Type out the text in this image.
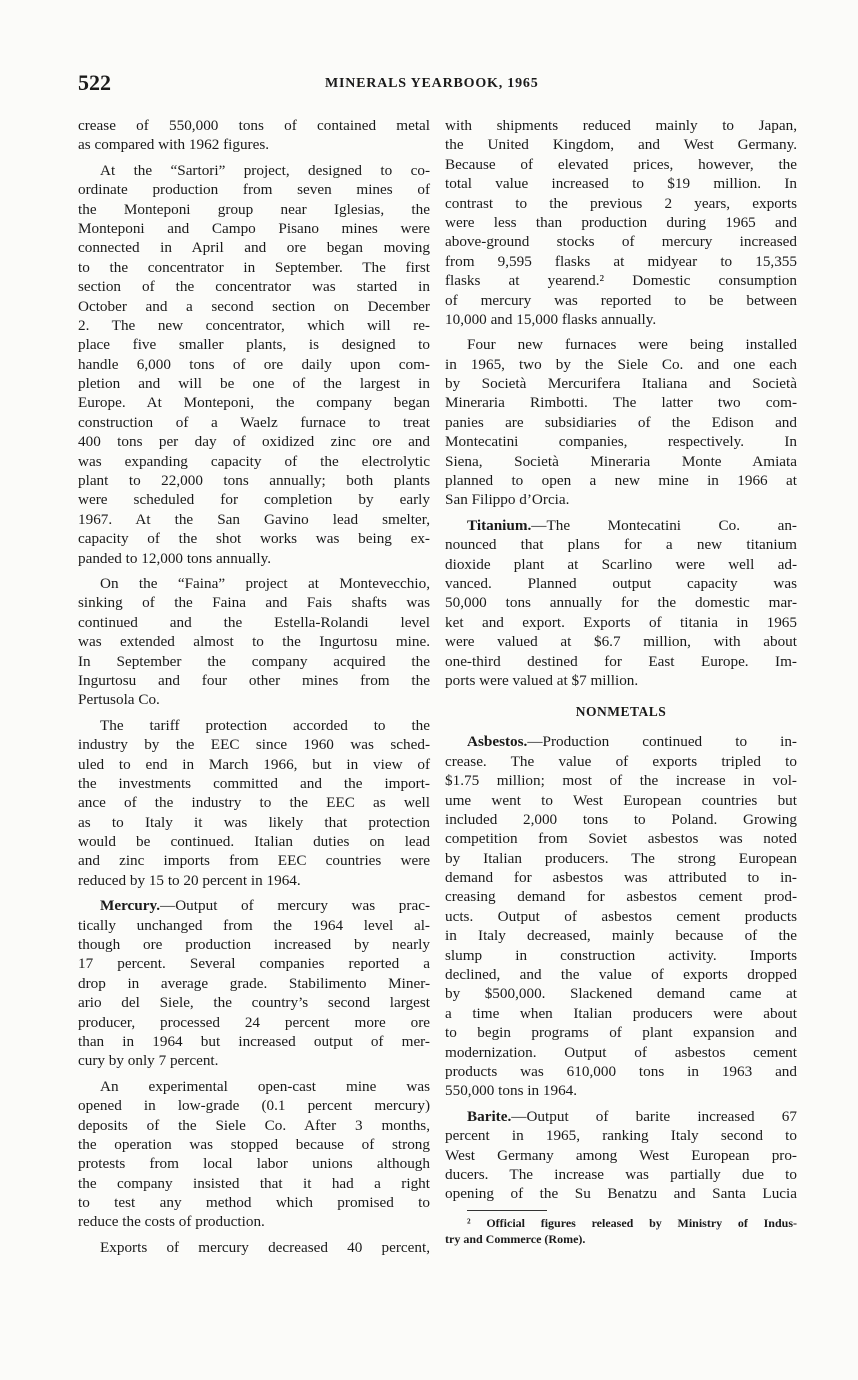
522	MINERALS YEARBOOK, 1965
crease of 550,000 tons of contained metal
as compared with 1962 figures.
At the “Sartori” project, designed to co-
ordinate production from seven mines of
the Monteponi group near Iglesias, the
Monteponi and Campo Pisano mines were
connected in April and ore began moving
to the concentrator in September. The first
section of the concentrator was started in
October and a second section on December
2. The new concentrator, which will re-
place five smaller plants, is designed to
handle 6,000 tons of ore daily upon com-
pletion and will be one of the largest in
Europe. At Monteponi, the company began
construction of a Waelz furnace to treat
400 tons per day of oxidized zinc ore and
was expanding capacity of the electrolytic
plant to 22,000 tons annually; both plants
were scheduled for completion by early
1967. At the San Gavino lead smelter,
capacity of the shot works was being ex-
panded to 12,000 tons annually.
On the “Faina” project at Montevecchio,
sinking of the Faina and Fais shafts was
continued and the Estella-Rolandi level
was extended almost to the Ingurtosu mine.
In September the company acquired the
Ingurtosu and four other mines from the
Pertusola Co.
The tariff protection accorded to the
industry by the EEC since 1960 was sched-
uled to end in March 1966, but in view of
the investments committed and the import-
ance of the industry to the EEC as well
as to Italy it was likely that protection
would be continued. Italian duties on lead
and zinc imports from EEC countries were
reduced by 15 to 20 percent in 1964.
Mercury.—Output of mercury was prac-
tically unchanged from the 1964 level al-
though ore production increased by nearly
17 percent. Several companies reported a
drop in average grade. Stabilimento Miner-
ario del Siele, the country’s second largest
producer, processed 24 percent more ore
than in 1964 but increased output of mer-
cury by only 7 percent.
An experimental open-cast mine was
opened in low-grade (0.1 percent mercury)
deposits of the Siele Co. After 3 months,
the operation was stopped because of strong
protests from local labor unions although
the company insisted that it had a right
to test any method which promised to
reduce the costs of production.
Exports of mercury decreased 40 percent,
with shipments reduced mainly to Japan,
the United Kingdom, and West Germany.
Because of elevated prices, however, the
total value increased to $19 million. In
contrast to the previous 2 years, exports
were less than production during 1965 and
above-ground stocks of mercury increased
from 9,595 flasks at midyear to 15,355
flasks at yearend.² Domestic consumption
of mercury was reported to be between
10,000 and 15,000 flasks annually.
Four new furnaces were being installed
in 1965, two by the Siele Co. and one each
by Società Mercurifera Italiana and Società
Mineraria Rimbotti. The latter two com-
panies are subsidiaries of the Edison and
Montecatini companies, respectively. In
Siena, Società Mineraria Monte Amiata
planned to open a new mine in 1966 at
San Filippo d’Orcia.
Titanium.—The Montecatini Co. an-
nounced that plans for a new titanium
dioxide plant at Scarlino were well ad-
vanced. Planned output capacity was
50,000 tons annually for the domestic mar-
ket and export. Exports of titania in 1965
were valued at $6.7 million, with about
one-third destined for East Europe. Im-
ports were valued at $7 million.
NONMETALS
Asbestos.—Production continued to in-
crease. The value of exports tripled to
$1.75 million; most of the increase in vol-
ume went to West European countries but
included 2,000 tons to Poland. Growing
competition from Soviet asbestos was noted
by Italian producers. The strong European
demand for asbestos was attributed to in-
creasing demand for asbestos cement prod-
ucts. Output of asbestos cement products
in Italy decreased, mainly because of the
slump in construction activity. Imports
declined, and the value of exports dropped
by $500,000. Slackened demand came at
a time when Italian producers were about
to begin programs of plant expansion and
modernization. Output of asbestos cement
products was 610,000 tons in 1963 and
550,000 tons in 1964.
Barite.—Output of barite increased 67
percent in 1965, ranking Italy second to
West Germany among West European pro-
ducers. The increase was partially due to
opening of the Su Benatzu and Santa Lucia
² Official figures released by Ministry of Indus-
try and Commerce (Rome).
